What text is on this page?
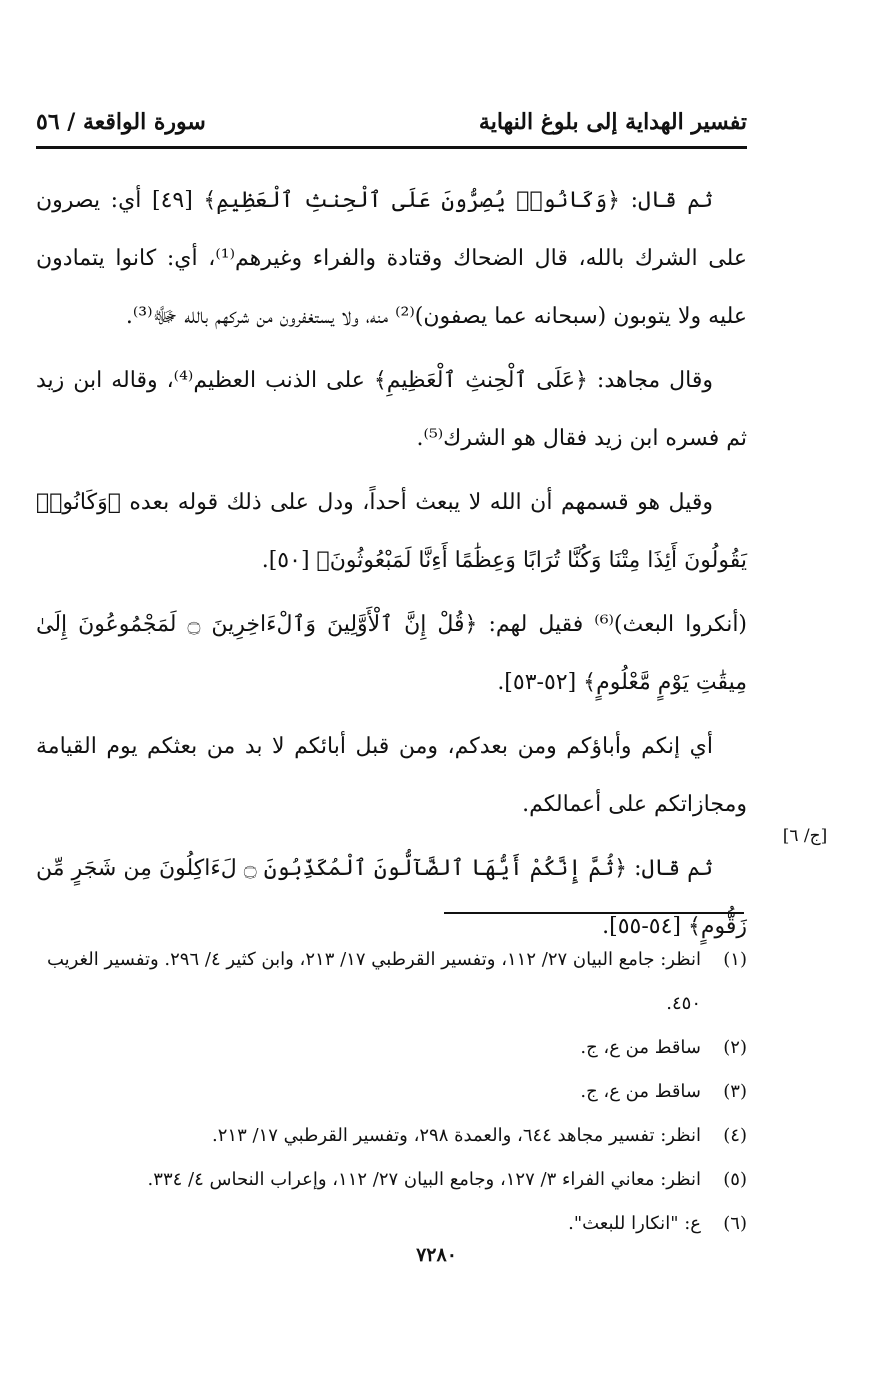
تفسير الهداية إلى بلوغ النهاية
سورة الواقعة / ٥٦

ثم قال: ﴿وَكَانُوا۟ يُصِرُّونَ عَلَى ٱلْحِنثِ ٱلْعَظِيمِ﴾ [٤٩] أي: يصرون على الشرك بالله، قال الضحاك وقتادة والفراء وغيرهم⁽¹⁾، أي: كانوا يتمادون عليه ولا يتوبون (سبحانه عما يصفون)⁽²⁾ منه، ولا يستغفرون من شركهم بالله ﷻ⁽³⁾.

وقال مجاهد: ﴿عَلَى ٱلْحِنثِ ٱلْعَظِيمِ﴾ على الذنب العظيم⁽⁴⁾، وقاله ابن زيد ثم فسره ابن زيد فقال هو الشرك⁽⁵⁾.

وقيل هو قسمهم أن الله لا يبعث أحداً، ودل على ذلك قوله بعده ﴿وَكَانُوا۟ يَقُولُونَ أَئِذَا مِتْنَا وَكُنَّا تُرَابًا وَعِظَٰمًا أَءِنَّا لَمَبْعُوثُونَ﴾ [٥٠].

(أنكروا البعث)⁽⁶⁾ فقيل لهم: ﴿قُلْ إِنَّ ٱلْأَوَّلِينَ وَٱلْءَاخِرِينَ ۝ لَمَجْمُوعُونَ إِلَىٰ مِيقَٰتِ يَوْمٍ مَّعْلُومٍ﴾ [٥٢-٥٣].

أي إنكم وأباؤكم ومن بعدكم، ومن قبل أبائكم لا بد من بعثكم يوم القيامة ومجازاتكم على أعمالكم.

ثم قال: ﴿ثُمَّ إِنَّكُمْ أَيُّهَا ٱلضَّآلُّونَ ٱلْمُكَذِّبُونَ ۝ لَءَاكِلُونَ مِن شَجَرٍ مِّن زَقُّومٍ﴾ [٥٤-٥٥].

[ج/ ٦]
(١)
انظر: جامع البيان ٢٧/ ١١٢، وتفسير القرطبي ١٧/ ٢١٣، وابن كثير ٤/ ٢٩٦. وتفسير الغريب ٤٥٠.
(٢)
ساقط من ع، ج.
(٣)
ساقط من ع، ج.
(٤)
انظر: تفسير مجاهد ٦٤٤، والعمدة ٢٩٨، وتفسير القرطبي ١٧/ ٢١٣.
(٥)
انظر: معاني الفراء ٣/ ١٢٧، وجامع البيان ٢٧/ ١١٢، وإعراب النحاس ٤/ ٣٣٤.
(٦)
ع: "انكارا للبعث".
٧٢٨٠
